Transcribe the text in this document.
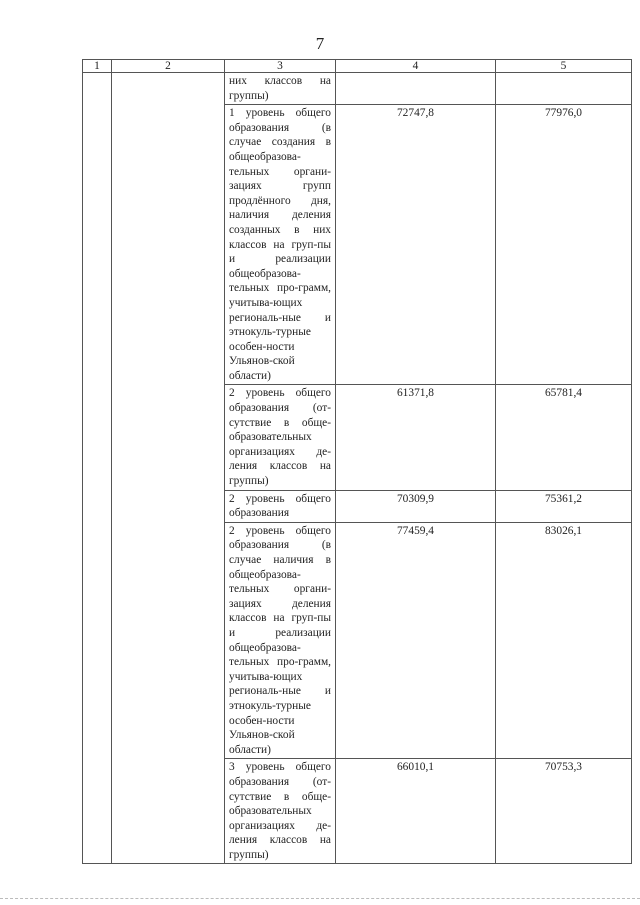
7
1	2	3	4	5
		них классов на группы)		
		1 уровень общего образования (в случае создания в общеобразова-тельных органи-зациях групп продлённого дня, наличия деления созданных в них классов на груп-пы и реализации общеобразова-тельных про-грамм, учитыва-ющих региональ-ные и этнокуль-турные особен-ности Ульянов-ской области)	72747,8	77976,0
		2 уровень общего образования (от-сутствие в обще-образовательных организациях де-ления классов на группы)	61371,8	65781,4
		2 уровень общего образования	70309,9	75361,2
		2 уровень общего образования (в случае наличия в общеобразова-тельных органи-зациях деления классов на груп-пы и реализации общеобразова-тельных про-грамм, учитыва-ющих региональ-ные и этнокуль-турные особен-ности Ульянов-ской области)	77459,4	83026,1
		3 уровень общего образования (от-сутствие в обще-образовательных организациях де-ления классов на группы)	66010,1	70753,3
